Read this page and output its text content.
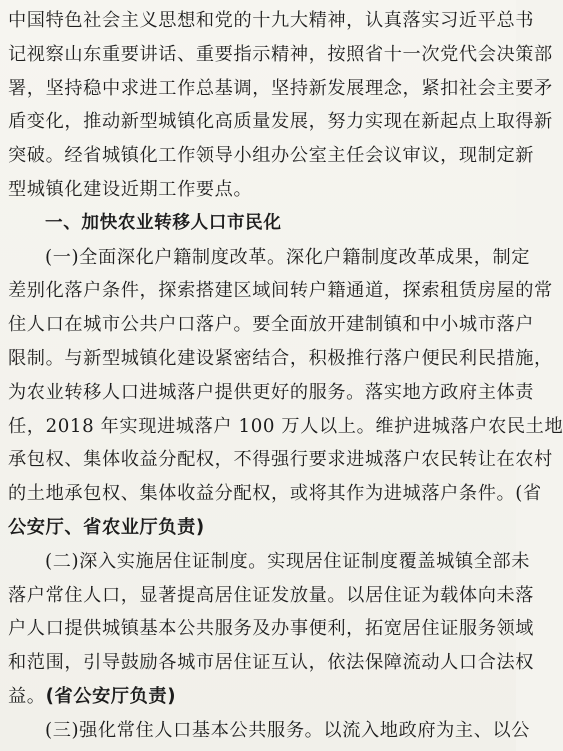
中国特色社会主义思想和党的十九大精神，认真落实习近平总书
记视察山东重要讲话、重要指示精神，按照省十一次党代会决策部
署，坚持稳中求进工作总基调，坚持新发展理念，紧扣社会主要矛
盾变化，推动新型城镇化高质量发展，努力实现在新起点上取得新
突破。经省城镇化工作领导小组办公室主任会议审议，现制定新
型城镇化建设近期工作要点。
一、加快农业转移人口市民化
(一)全面深化户籍制度改革。深化户籍制度改革成果，制定
差别化落户条件，探索搭建区域间转户籍通道，探索租赁房屋的常
住人口在城市公共户口落户。要全面放开建制镇和中小城市落户
限制。与新型城镇化建设紧密结合，积极推行落户便民利民措施，
为农业转移人口进城落户提供更好的服务。落实地方政府主体责
任，2018 年实现进城落户 100 万人以上。维护进城落户农民土地
承包权、集体收益分配权，不得强行要求进城落户农民转让在农村
的土地承包权、集体收益分配权，或将其作为进城落户条件。(省
公安厅、省农业厅负责)
(二)深入实施居住证制度。实现居住证制度覆盖城镇全部未
落户常住人口，显著提高居住证发放量。以居住证为载体向未落
户人口提供城镇基本公共服务及办事便利，拓宽居住证服务领域
和范围，引导鼓励各城市居住证互认，依法保障流动人口合法权
益。(省公安厅负责)
(三)强化常住人口基本公共服务。以流入地政府为主、以公
